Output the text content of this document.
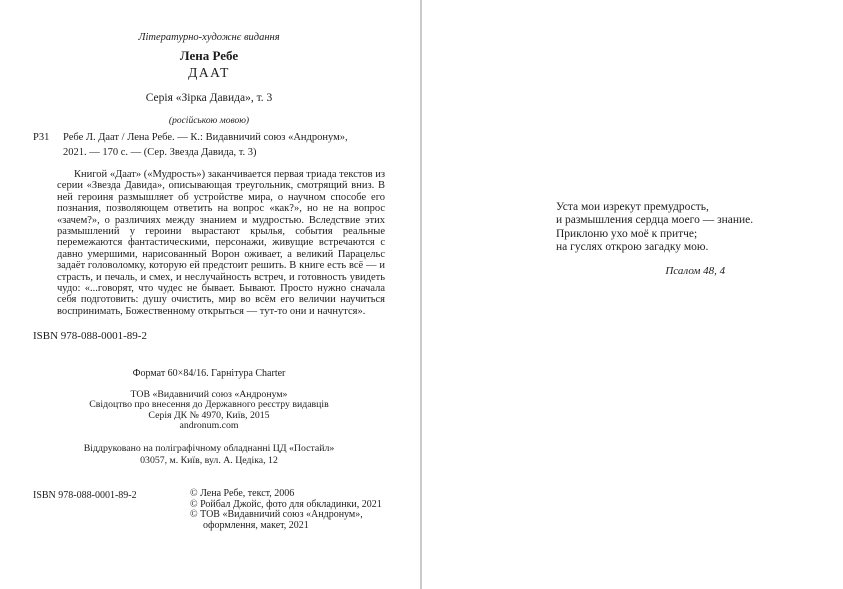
Літературно-художнє видання
Лена Ребе
ДААТ
Серія «Зірка Давида», т. 3
(російською мовою)
Р31	Ребе Л. Даат / Лена Ребе. — К.: Видавничий союз «Андронум», 2021. — 170 с. — (Сер. Звезда Давида, т. 3)

Книгой «Даат» («Мудрость») заканчивается первая триада текстов из серии «Звезда Давида», описывающая треугольник, смотрящий вниз. В ней героиня размышляет об устройстве мира, о научном способе его познания, позволяющем ответить на вопрос «как?», но не на вопрос «зачем?», о различиях между знанием и мудростью. Вследствие этих размышлений у героини вырастают крылья, события реальные перемежаются фантастическими, персонажи, живущие встречаются с давно умершими, нарисованный Ворон оживает, а великий Парацельс задаёт головоломку, которую ей предстоит решить. В книге есть всё — и страсть, и печаль, и смех, и неслучайность встреч, и готовность увидеть чудо: «...говорят, что чудес не бывает. Бывают. Просто нужно сначала себя подготовить: душу очистить, мир во всём его величии научиться воспринимать, Божественному открыться — тут-то они и начнутся».

ISBN 978-088-0001-89-2
Формат 60×84/16. Гарнітура Charter
ТОВ «Видавничий союз «Андронум»
Свідоцтво про внесення до Державного реєстру видавців
Серія ДК № 4970, Київ, 2015
andronum.com
Віддруковано на поліграфічному обладнанні ЦД «Постайл»
03057, м. Київ, вул. А. Цедіка, 12
ISBN 978-088-0001-89-2	© Лена Ребе, текст, 2006
© Ройбал Джойс, фото для обкладинки, 2021
© ТОВ «Видавничий союз «Андронум», оформлення, макет, 2021
Уста мои изрекут премудрость,
и размышления сердца моего — знание.
Приклоню ухо моё к притче;
на гуслях открою загадку мою.
Псалом 48, 4
